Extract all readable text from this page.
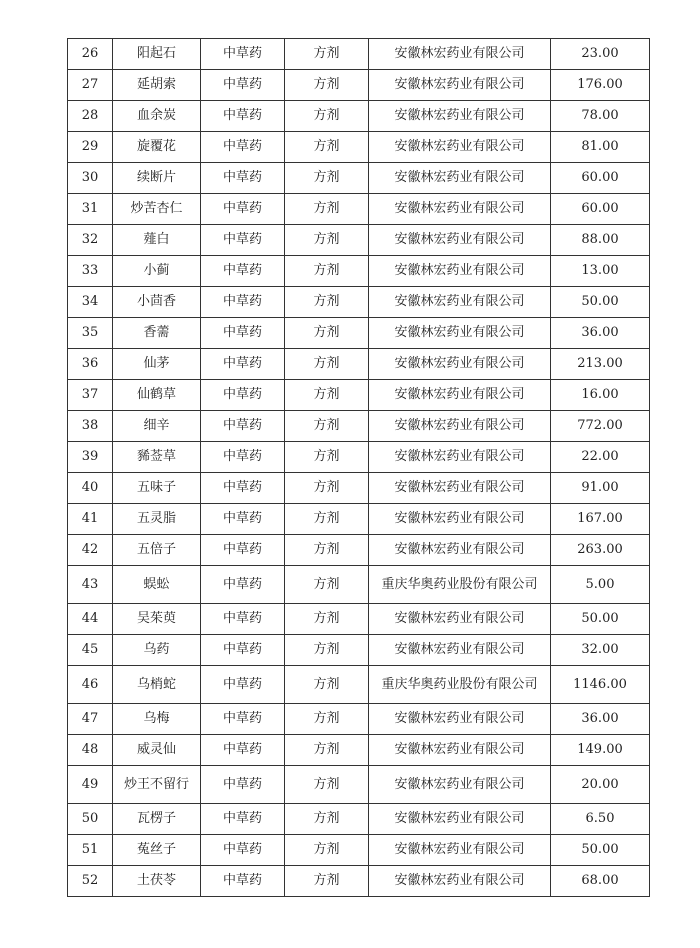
26	阳起石	中草药	方剂	安徽林宏药业有限公司	23.00
27	延胡索	中草药	方剂	安徽林宏药业有限公司	176.00
28	血余炭	中草药	方剂	安徽林宏药业有限公司	78.00
29	旋覆花	中草药	方剂	安徽林宏药业有限公司	81.00
30	续断片	中草药	方剂	安徽林宏药业有限公司	60.00
31	炒苦杏仁	中草药	方剂	安徽林宏药业有限公司	60.00
32	薤白	中草药	方剂	安徽林宏药业有限公司	88.00
33	小蓟	中草药	方剂	安徽林宏药业有限公司	13.00
34	小茴香	中草药	方剂	安徽林宏药业有限公司	50.00
35	香薷	中草药	方剂	安徽林宏药业有限公司	36.00
36	仙茅	中草药	方剂	安徽林宏药业有限公司	213.00
37	仙鹤草	中草药	方剂	安徽林宏药业有限公司	16.00
38	细辛	中草药	方剂	安徽林宏药业有限公司	772.00
39	豨莶草	中草药	方剂	安徽林宏药业有限公司	22.00
40	五味子	中草药	方剂	安徽林宏药业有限公司	91.00
41	五灵脂	中草药	方剂	安徽林宏药业有限公司	167.00
42	五倍子	中草药	方剂	安徽林宏药业有限公司	263.00
43	蜈蚣	中草药	方剂	重庆华奥药业股份有限公司	5.00
44	吴茱萸	中草药	方剂	安徽林宏药业有限公司	50.00
45	乌药	中草药	方剂	安徽林宏药业有限公司	32.00
46	乌梢蛇	中草药	方剂	重庆华奥药业股份有限公司	1146.00
47	乌梅	中草药	方剂	安徽林宏药业有限公司	36.00
48	威灵仙	中草药	方剂	安徽林宏药业有限公司	149.00
49	炒王不留行	中草药	方剂	安徽林宏药业有限公司	20.00
50	瓦楞子	中草药	方剂	安徽林宏药业有限公司	6.50
51	菟丝子	中草药	方剂	安徽林宏药业有限公司	50.00
52	土茯苓	中草药	方剂	安徽林宏药业有限公司	68.00
